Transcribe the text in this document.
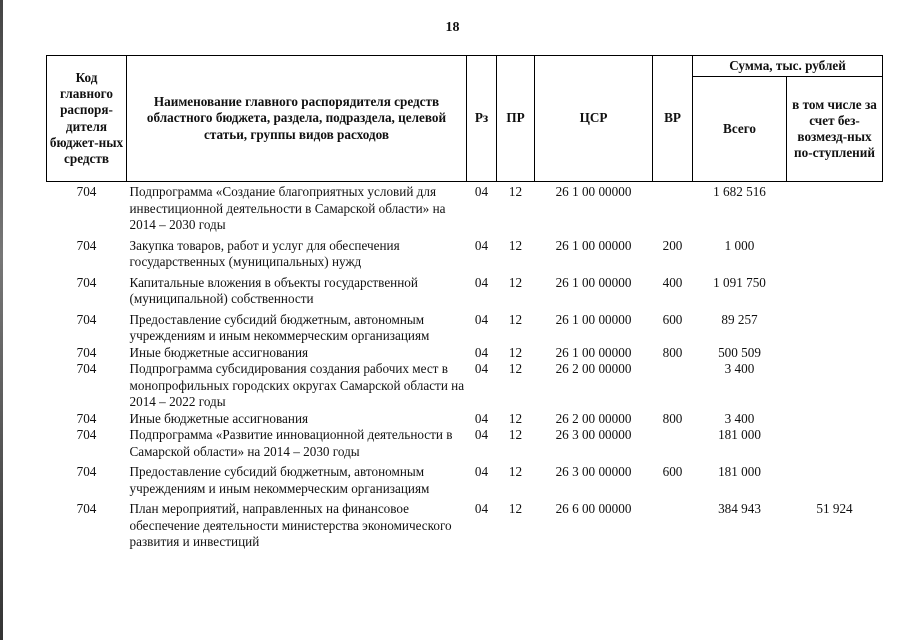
18
Код главного распоря-дителя бюджет-ных средств	Наименование главного распорядителя средств областного бюджета, раздела, подраздела, целевой статьи, группы видов расходов	Рз	ПР	ЦСР	ВР	Сумма, тыс. рублей	
						Всего	в том числе за счет без-возмезд-ных по-ступлений
704	Подпрограмма «Создание благоприятных условий для инвестиционной деятельности в Самарской области» на 2014 – 2030 годы	04	12	26 1 00 00000		1 682 516	
704	Закупка товаров, работ и услуг для обеспечения государственных (муниципальных) нужд	04	12	26 1 00 00000	200	1 000	
704	Капитальные вложения в объекты государственной (муниципальной) собственности	04	12	26 1 00 00000	400	1 091 750	
704	Предоставление субсидий бюджетным, автономным учреждениям и иным некоммерческим организациям	04	12	26 1 00 00000	600	89 257	
704	Иные бюджетные ассигнования	04	12	26 1 00 00000	800	500 509	
704	Подпрограмма субсидирования создания рабочих мест в монопрофильных городских округах Самарской области на 2014 – 2022 годы	04	12	26 2 00 00000		3 400	
704	Иные бюджетные ассигнования	04	12	26 2 00 00000	800	3 400	
704	Подпрограмма «Развитие инновационной деятельности в Самарской области» на 2014 – 2030 годы	04	12	26 3 00 00000		181 000	
704	Предоставление субсидий бюджетным, автономным учреждениям и иным некоммерческим организациям	04	12	26 3 00 00000	600	181 000	
704	План мероприятий, направленных на финансовое обеспечение деятельности министерства экономического развития и инвестиций	04	12	26 6 00 00000		384 943	51 924
